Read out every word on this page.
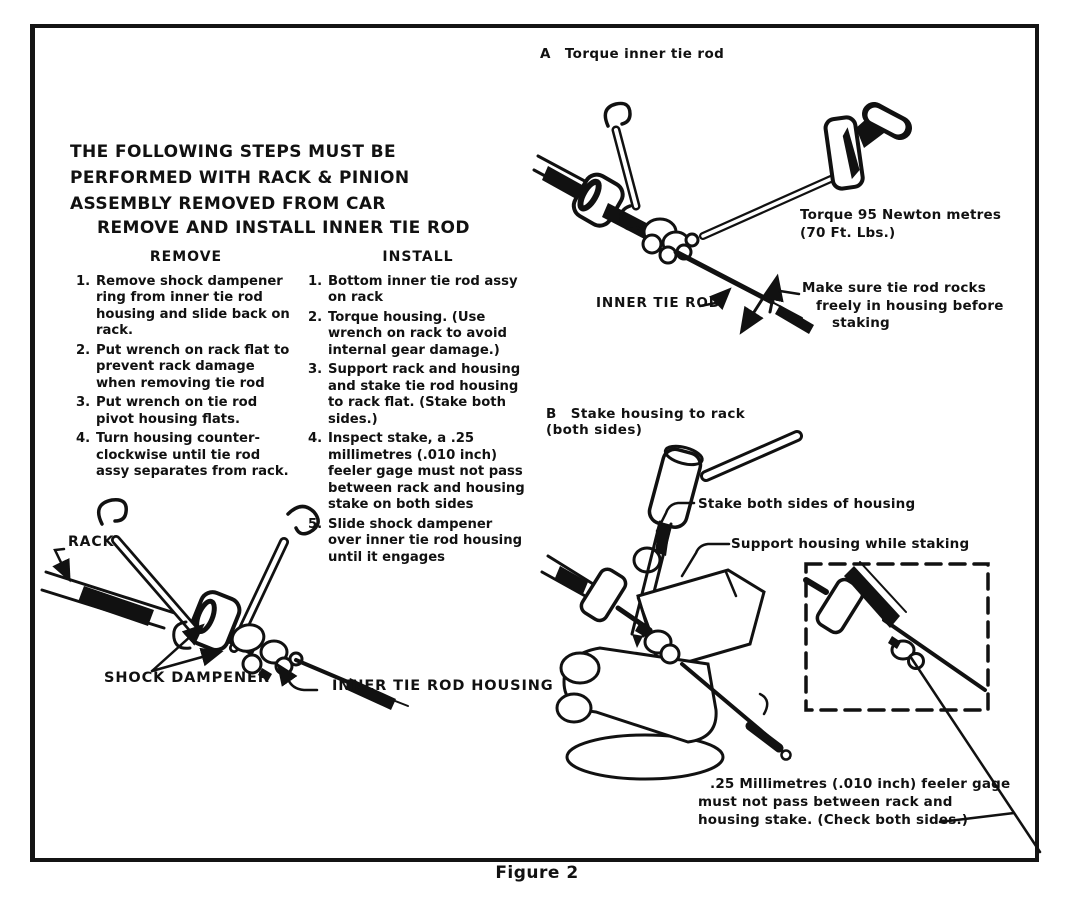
THE FOLLOWING STEPS MUST BE
PERFORMED WITH RACK & PINION
ASSEMBLY REMOVED FROM CAR
REMOVE AND INSTALL INNER TIE ROD
REMOVE
1. Remove shock dampener ring from inner tie rod housing and slide back on rack.
2. Put wrench on rack flat to prevent rack damage when removing tie rod
3. Put wrench on tie rod pivot housing flats.
4. Turn housing counter-clockwise until tie rod assy separates from rack.
INSTALL
1. Bottom inner tie rod assy on rack
2. Torque housing. (Use wrench on rack to avoid internal gear damage.)
3. Support rack and housing and stake tie rod housing to rack flat. (Stake both sides.)
4. Inspect stake, a .25 millimetres (.010 inch) feeler gage must not pass between rack and housing stake on both sides
5. Slide shock dampener over inner tie rod housing until it engages
A Torque inner tie rod
Torque 95 Newton metres
(70 Ft. Lbs.)
INNER TIE ROD
Make sure tie rod rocks
freely in housing before
staking
B Stake housing to rack
(both sides)
Stake both sides of housing
Support housing while staking
.25 Millimetres (.010 inch) feeler gage
must not pass between rack and
housing stake. (Check both sides.)
RACK
SHOCK DAMPENER	INNER TIE ROD HOUSING
Figure 2
